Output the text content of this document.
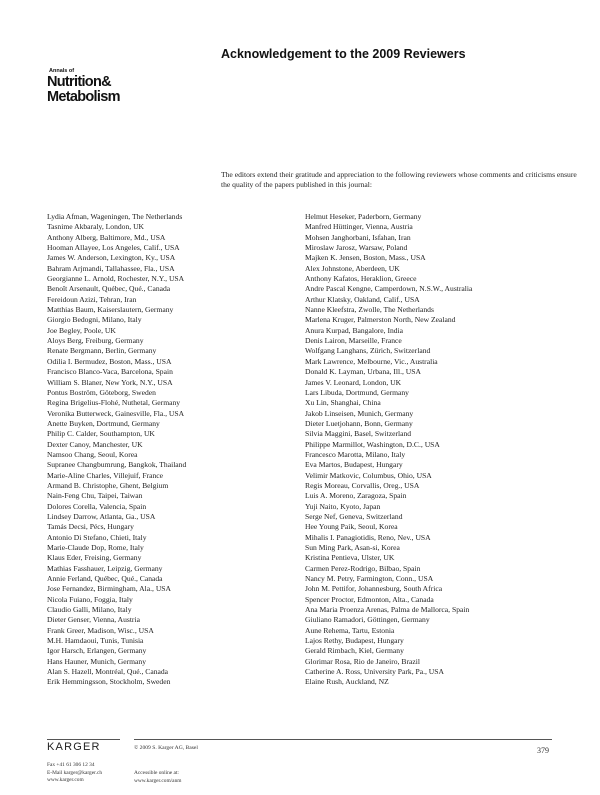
Acknowledgement to the 2009 Reviewers
Annals of
Nutrition&
Metabolism

The editors extend their gratitude and appreciation to the following reviewers whose comments and criticisms ensure the quality of the papers published in this journal:

Lydia Afman, Wageningen, The Netherlands
Tasnime Akbaraly, London, UK
Anthony Alberg, Baltimore, Md., USA
Hooman Allayee, Los Angeles, Calif., USA
James W. Anderson, Lexington, Ky., USA
Bahram Arjmandi, Tallahassee, Fla., USA
Georgianne L. Arnold, Rochester, N.Y., USA
Benoît Arsenault, Québec, Qué., Canada
Fereidoun Azizi, Tehran, Iran
Matthias Baum, Kaiserslautern, Germany
Giorgio Bedogni, Milano, Italy
Joe Begley, Poole, UK
Aloys Berg, Freiburg, Germany
Renate Bergmann, Berlin, Germany
Odilia I. Bermudez, Boston, Mass., USA
Francisco Blanco-Vaca, Barcelona, Spain
William S. Blaner, New York, N.Y., USA
Pontus Boström, Göteborg, Sweden
Regina Brigelius-Flohé, Nuthetal, Germany
Veronika Butterweck, Gainesville, Fla., USA
Anette Buyken, Dortmund, Germany
Philip C. Calder, Southampton, UK
Dexter Canoy, Manchester, UK
Namsoo Chang, Seoul, Korea
Supranee Changbumrung, Bangkok, Thailand
Marie-Aline Charles, Villejuif, France
Armand B. Christophe, Ghent, Belgium
Nain-Feng Chu, Taipei, Taiwan
Dolores Corella, Valencia, Spain
Lindsey Darrow, Atlanta, Ga., USA
Tamás Decsi, Pécs, Hungary
Antonio Di Stefano, Chieti, Italy
Marie-Claude Dop, Rome, Italy
Klaus Eder, Freising, Germany
Mathias Fasshauer, Leipzig, Germany
Annie Ferland, Québec, Qué., Canada
Jose Fernandez, Birmingham, Ala., USA
Nicola Fuiano, Foggia, Italy
Claudio Galli, Milano, Italy
Dieter Genser, Vienna, Austria
Frank Greer, Madison, Wisc., USA
M.H. Hamdaoui, Tunis, Tunisia
Igor Harsch, Erlangen, Germany
Hans Hauner, Munich, Germany
Alan S. Hazell, Montréal, Qué., Canada
Erik Hemmingsson, Stockholm, Sweden
Helmut Heseker, Paderborn, Germany
Manfred Hüttinger, Vienna, Austria
Mohsen Janghorbani, Isfahan, Iran
Miroslaw Jarosz, Warsaw, Poland
Majken K. Jensen, Boston, Mass., USA
Alex Johnstone, Aberdeen, UK
Anthony Kafatos, Heraklion, Greece
Andre Pascal Kengne, Camperdown, N.S.W., Australia
Arthur Klatsky, Oakland, Calif., USA
Nanne Kleefstra, Zwolle, The Netherlands
Marlena Kruger, Palmerston North, New Zealand
Anura Kurpad, Bangalore, India
Denis Lairon, Marseille, France
Wolfgang Langhans, Zürich, Switzerland
Mark Lawrence, Melbourne, Vic., Australia
Donald K. Layman, Urbana, Ill., USA
James V. Leonard, London, UK
Lars Libuda, Dortmund, Germany
Xu Lin, Shanghai, China
Jakob Linseisen, Munich, Germany
Dieter Luetjohann, Bonn, Germany
Silvia Maggini, Basel, Switzerland
Philippe Marmillot, Washington, D.C., USA
Francesco Marotta, Milano, Italy
Eva Martos, Budapest, Hungary
Velimir Matkovic, Columbus, Ohio, USA
Regis Moreau, Corvallis, Oreg., USA
Luis A. Moreno, Zaragoza, Spain
Yuji Naito, Kyoto, Japan
Serge Nef, Geneva, Switzerland
Hee Young Paik, Seoul, Korea
Mihalis I. Panagiotidis, Reno, Nev., USA
Sun Ming Park, Asan-si, Korea
Kristina Pentieva, Ulster, UK
Carmen Perez-Rodrigo, Bilbao, Spain
Nancy M. Petry, Farmington, Conn., USA
John M. Pettifor, Johannesburg, South Africa
Spencer Proctor, Edmonton, Alta., Canada
Ana Maria Proenza Arenas, Palma de Mallorca, Spain
Giuliano Ramadori, Göttingen, Germany
Aune Rehema, Tartu, Estonia
Lajos Rethy, Budapest, Hungary
Gerald Rimbach, Kiel, Germany
Glorimar Rosa, Rio de Janeiro, Brazil
Catherine A. Ross, University Park, Pa., USA
Elaine Rush, Auckland, NZ
KARGER
Fax +41 61 306 12 34
E-Mail karger@karger.ch
www.karger.com
© 2009 S. Karger AG, Basel
Accessible online at:
www.karger.com/anm
379
